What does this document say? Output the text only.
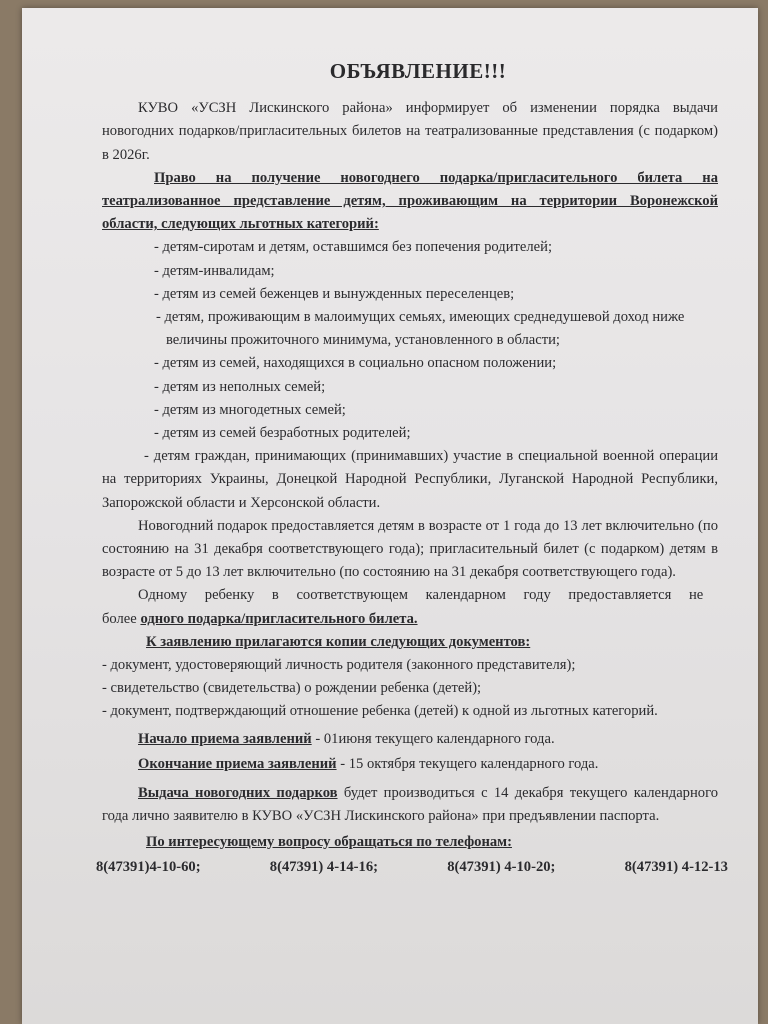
ОБЪЯВЛЕНИЕ!!!

КУВО «УСЗН Лискинского района» информирует об изменении порядка выдачи новогодних подарков/пригласительных билетов на театрализованные представления (с подарком) в 2026г.

Право на получение новогоднего подарка/пригласительного билета на театрализованное представление детям, проживающим на территории Воронежской области, следующих льготных категорий:

- детям-сиротам и детям, оставшимся без попечения родителей;
- детям-инвалидам;
- детям из семей беженцев и вынужденных переселенцев;
- детям, проживающим в малоимущих семьях, имеющих среднедушевой доход ниже величины прожиточного минимума, установленного в области;
- детям из семей, находящихся в социально опасном положении;
- детям из неполных семей;
- детям из многодетных семей;
- детям из семей безработных родителей;
- детям граждан, принимающих (принимавших) участие в специальной военной операции на территориях Украины, Донецкой Народной Республики, Луганской Народной Республики, Запорожской области и Херсонской области.

Новогодний подарок предоставляется детям в возрасте от 1 года до 13 лет включительно (по состоянию на 31 декабря соответствующего года); пригласительный билет (с подарком) детям в возрасте от 5 до 13 лет включительно (по состоянию на 31 декабря соответствующего года).

Одному ребенку в соответствующем календарном году предоставляется не более одного подарка/пригласительного билета.

К заявлению прилагаются копии следующих документов:

- документ, удостоверяющий личность родителя (законного представителя);
- свидетельство (свидетельства) о рождении ребенка (детей);
- документ, подтверждающий отношение ребенка (детей) к одной из льготных категорий.

Начало приема заявлений - 01июня текущего календарного года.

Окончание приема заявлений - 15 октября текущего календарного года.

Выдача новогодних подарков будет производиться с 14 декабря текущего календарного года лично заявителю в КУВО «УСЗН Лискинского района» при предъявлении паспорта.

По интересующему вопросу обращаться по телефонам:

8(47391)4-10-60;	8(47391) 4-14-16;	8(47391) 4-10-20;	8(47391) 4-12-13
